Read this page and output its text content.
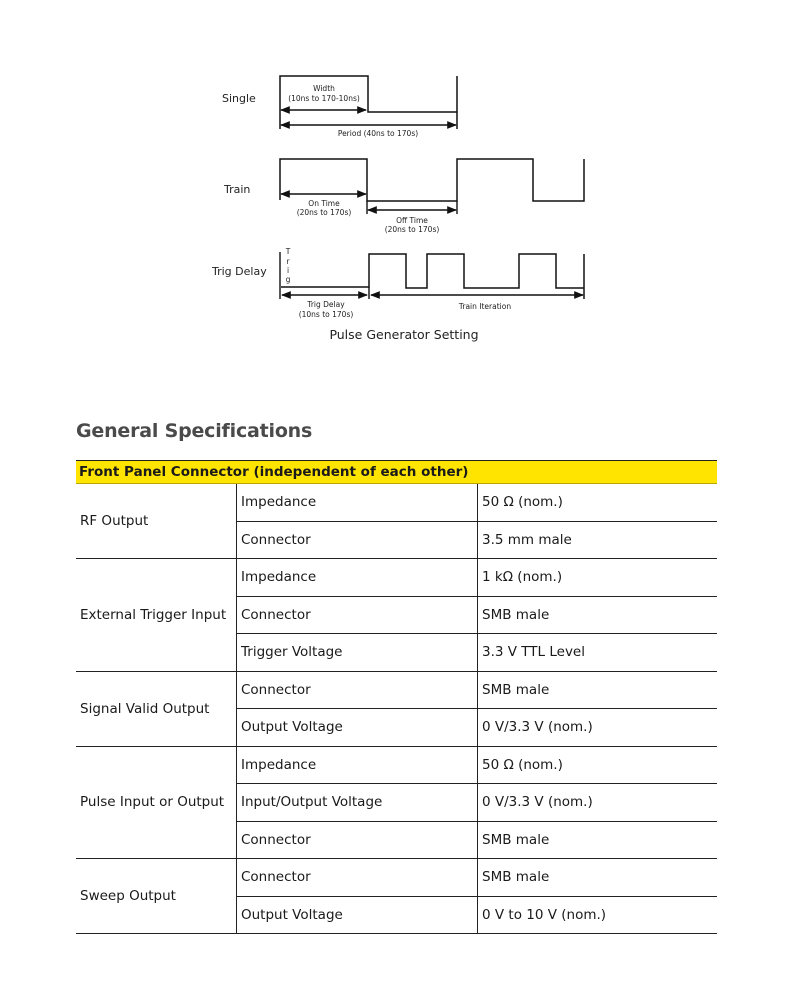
Single
Width
(10ns to 170-10ns)
Period (40ns to 170s)
Train
On Time
(20ns to 170s)
Off Time
(20ns to 170s)
Trig Delay
T
r
i
g
Trig Delay
(10ns to 170s)
Train Iteration
Pulse Generator Setting
General Specifications
Front Panel Connector (independent of each other)		
RF Output	Impedance	50 Ω (nom.)
	Connector	3.5 mm male
External Trigger Input	Impedance	1 kΩ (nom.)
	Connector	SMB male
	Trigger Voltage	3.3 V TTL Level
Signal Valid Output	Connector	SMB male
	Output Voltage	0 V/3.3 V (nom.)
Pulse Input or Output	Impedance	50 Ω (nom.)
	Input/Output Voltage	0 V/3.3 V (nom.)
	Connector	SMB male
Sweep Output	Connector	SMB male
	Output Voltage	0 V to 10 V (nom.)
